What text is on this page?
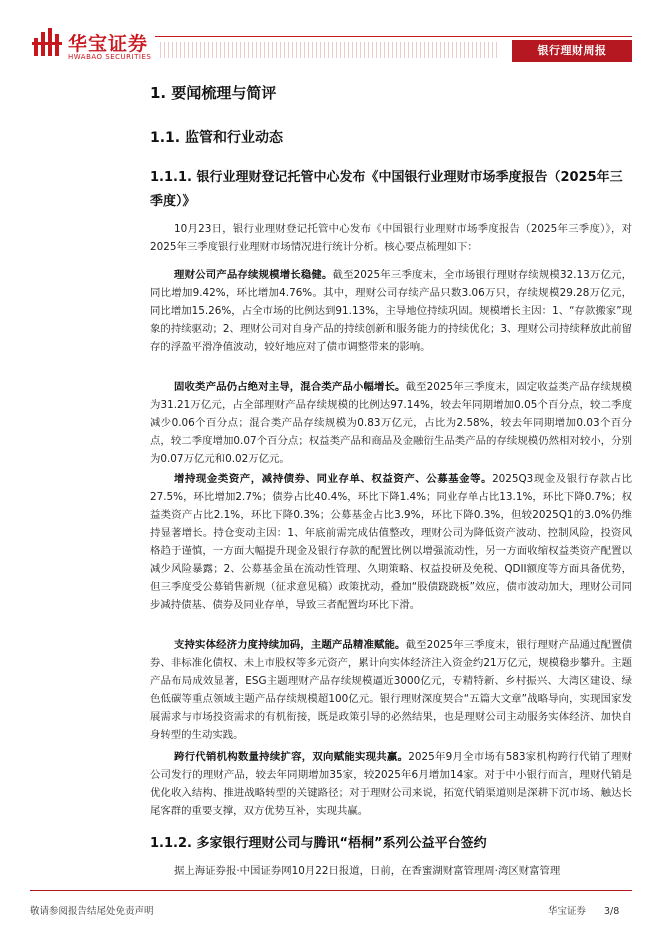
华宝证券
HWABAO SECURITIES	银行理财周报
1. 要闻梳理与简评
1.1. 监管和行业动态
1.1.1. 银行业理财登记托管中心发布《中国银行业理财市场季度报告（2025年三季度）》
10月23日，银行业理财登记托管中心发布《中国银行业理财市场季度报告（2025年三季度）》，对2025年三季度银行业理财市场情况进行统计分析。核心要点梳理如下：
理财公司产品存续规模增长稳健。截至2025年三季度末，全市场银行理财存续规模32.13万亿元，同比增加9.42%，环比增加4.76%。其中，理财公司存续产品只数3.06万只，存续规模29.28万亿元，同比增加15.26%，占全市场的比例达到91.13%，主导地位持续巩固。规模增长主因：1、“存款搬家”现象的持续驱动；2、理财公司对自身产品的持续创新和服务能力的持续优化；3、理财公司持续释放此前留存的浮盈平滑净值波动，较好地应对了债市调整带来的影响。
固收类产品仍占绝对主导，混合类产品小幅增长。截至2025年三季度末，固定收益类产品存续规模为31.21万亿元，占全部理财产品存续规模的比例达97.14%，较去年同期增加0.05个百分点，较二季度减少0.06个百分点；混合类产品存续规模为0.83万亿元，占比为2.58%，较去年同期增加0.03个百分点，较二季度增加0.07个百分点；权益类产品和商品及金融衍生品类产品的存续规模仍然相对较小，分别为0.07万亿元和0.02万亿元。
增持现金类资产，减持债券、同业存单、权益资产、公募基金等。2025Q3现金及银行存款占比27.5%，环比增加2.7%；债券占比40.4%，环比下降1.4%；同业存单占比13.1%，环比下降0.7%；权益类资产占比2.1%，环比下降0.3%；公募基金占比3.9%，环比下降0.3%，但较2025Q1的3.0%仍维持显著增长。持仓变动主因：1、年底前需完成估值整改，理财公司为降低资产波动、控制风险，投资风格趋于谨慎，一方面大幅提升现金及银行存款的配置比例以增强流动性，另一方面收缩权益类资产配置以减少风险暴露；2、公募基金虽在流动性管理、久期策略、权益投研及免税、QDII额度等方面具备优势，但三季度受公募销售新规（征求意见稿）政策扰动，叠加“股债跷跷板”效应，债市波动加大，理财公司同步减持债基、债券及同业存单，导致三者配置均环比下滑。
支持实体经济力度持续加码，主题产品精准赋能。截至2025年三季度末，银行理财产品通过配置债券、非标准化债权、未上市股权等多元资产，累计向实体经济注入资金约21万亿元，规模稳步攀升。主题产品布局成效显著，ESG主题理财产品存续规模逼近3000亿元，专精特新、乡村振兴、大湾区建设、绿色低碳等重点领域主题产品存续规模超100亿元。银行理财深度契合“五篇大文章”战略导向，实现国家发展需求与市场投资需求的有机衔接，既是政策引导的必然结果，也是理财公司主动服务实体经济、加快自身转型的生动实践。
跨行代销机构数量持续扩容，双向赋能实现共赢。2025年9月全市场有583家机构跨行代销了理财公司发行的理财产品，较去年同期增加35家，较2025年6月增加14家。对于中小银行而言，理财代销是优化收入结构、推进战略转型的关键路径；对于理财公司来说，拓宽代销渠道则是深耕下沉市场、触达长尾客群的重要支撑，双方优势互补，实现共赢。
1.1.2. 多家银行理财公司与腾讯“梧桐”系列公益平台签约
据上海证券报·中国证券网10月22日报道，日前，在香蜜湖财富管理周·湾区财富管理
敬请参阅报告结尾处免责声明	华宝证券 3/8
